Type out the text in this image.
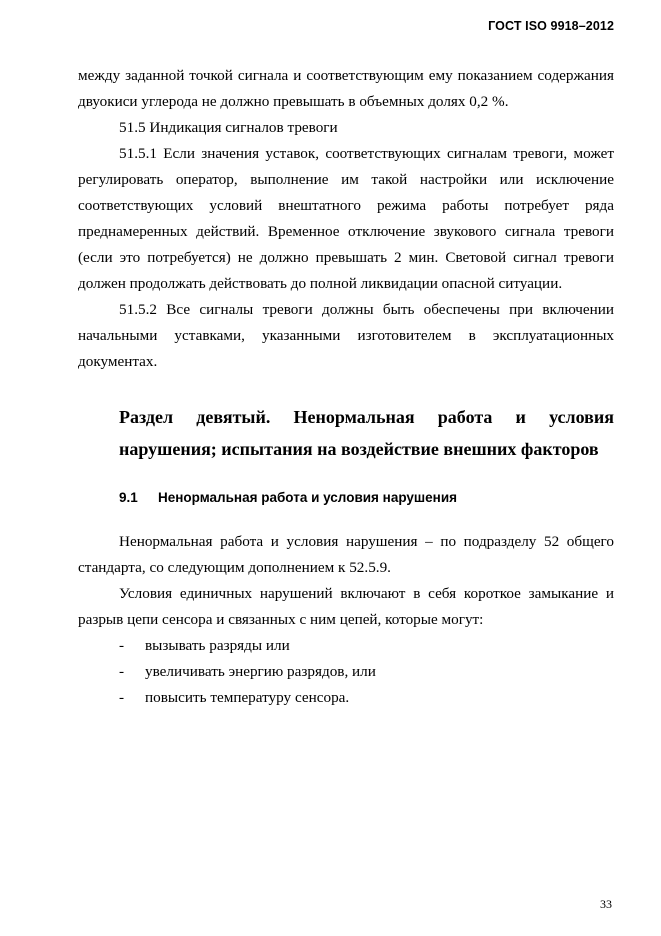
ГОСТ ISO 9918–2012

между заданной точкой сигнала и соответствующим ему показанием содержания двуокиси углерода не должно превышать в объемных долях 0,2 %.

51.5 Индикация сигналов тревоги

51.5.1 Если значения уставок, соответствующих сигналам тревоги, может регулировать оператор, выполнение им такой настройки или исключение соответствующих условий внештатного режима работы потребует ряда преднамеренных действий. Временное отключение звукового сигнала тревоги (если это потребуется) не должно превышать 2 мин. Световой сигнал тревоги должен продолжать действовать до полной ликвидации опасной ситуации.

51.5.2 Все сигналы тревоги должны быть обеспечены при включении начальными уставками, указанными изготовителем в эксплуатационных документах.

Раздел девятый. Ненормальная работа и условия нарушения; испытания на воздействие внешних факторов
9.1 Ненормальная работа и условия нарушения

Ненормальная работа и условия нарушения – по подразделу 52 общего стандарта, со следующим дополнением к 52.5.9.

Условия единичных нарушений включают в себя короткое замыкание и разрыв цепи сенсора и связанных с ним цепей, которые могут:

- вызывать разряды или
- увеличивать энергию разрядов, или
- повысить температуру сенсора.
33
